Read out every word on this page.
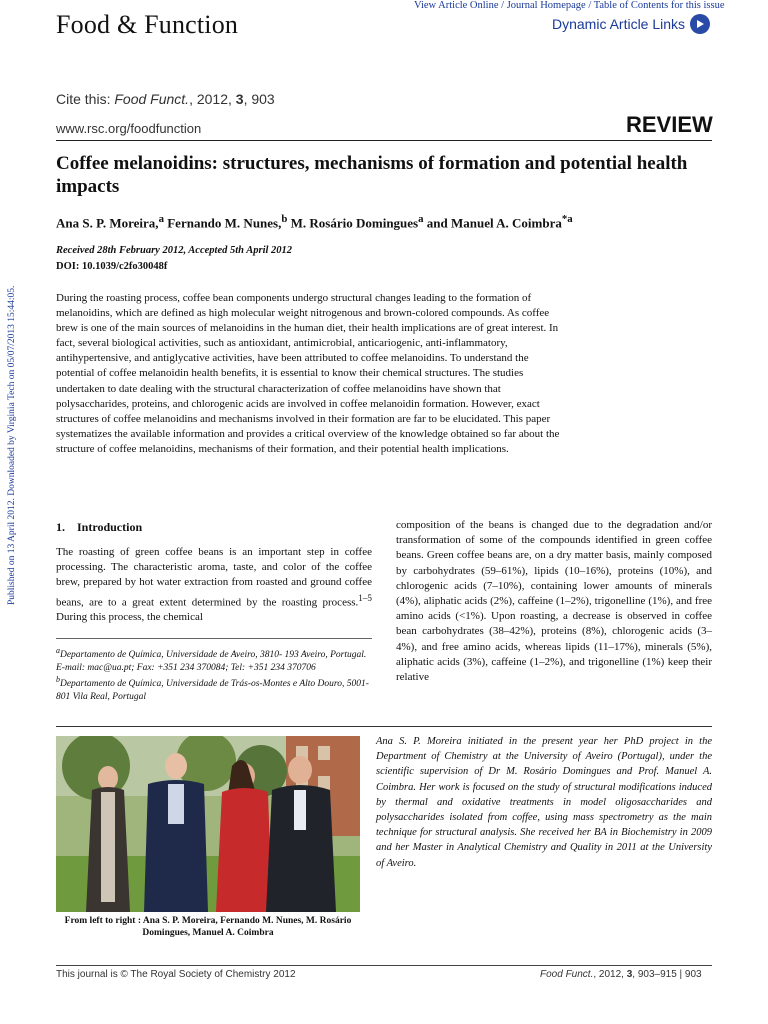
Food & Function
View Article Online / Journal Homepage / Table of Contents for this issue
Dynamic Article Links
Cite this: Food Funct., 2012, 3, 903
www.rsc.org/foodfunction	REVIEW
Coffee melanoidins: structures, mechanisms of formation and potential health impacts
Ana S. P. Moreira,$^a$ Fernando M. Nunes,$^b$ M. Rosário Domingues$^a$ and Manuel A. Coimbra$^{*a}$
Received 28th February 2012, Accepted 5th April 2012
DOI: 10.1039/c2fo30048f
Published on 13 April 2012. Downloaded by Virginia Tech on 05/07/2013 15:44:05.	During the roasting process, coffee bean components undergo structural changes leading to the formation of melanoidins, which are defined as high molecular weight nitrogenous and brown-colored compounds. As coffee brew is one of the main sources of melanoidins in the human diet, their health implications are of great interest. In fact, several biological activities, such as antioxidant, antimicrobial, anticariogenic, anti-inflammatory, antihypertensive, and antiglycative activities, have been attributed to coffee melanoidins. To understand the potential of coffee melanoidin health benefits, it is essential to know their chemical structures. The studies undertaken to date dealing with the structural characterization of coffee melanoidins have shown that polysaccharides, proteins, and chlorogenic acids are involved in coffee melanoidin formation. However, exact structures of coffee melanoidins and mechanisms involved in their formation are far to be elucidated. This paper systematizes the available information and provides a critical overview of the knowledge obtained so far about the structure of coffee melanoidins, mechanisms of their formation, and their potential health implications.
1. Introduction
The roasting of green coffee beans is an important step in coffee processing. The characteristic aroma, taste, and color of the coffee brew, prepared by hot water extraction from roasted and ground coffee beans, are to a great extent determined by the roasting process.$^{1-5}$ During this process, the chemical
composition of the beans is changed due to the degradation and/or transformation of some of the compounds identified in green coffee beans. Green coffee beans are, on a dry matter basis, mainly composed by carbohydrates (59–61%), lipids (10–16%), proteins (10%), and chlorogenic acids (7–10%), containing lower amounts of minerals (4%), aliphatic acids (2%), caffeine (1–2%), trigonelline (1%), and free amino acids (<1%). Upon roasting, a decrease is observed in coffee bean carbohydrates (38–42%), proteins (8%), chlorogenic acids (3–4%), and free amino acids, whereas lipids (11–17%), minerals (5%), aliphatic acids (3%), caffeine (1–2%), and trigonelline (1%) keep their relative
$^a$Departamento de Química, Universidade de Aveiro, 3810- 193 Aveiro, Portugal. E-mail: mac@ua.pt; Fax: +351 234 370084; Tel: +351 234 370706
$^b$Departamento de Química, Universidade de Trás-os-Montes e Alto Douro, 5001- 801 Vila Real, Portugal
From left to right : Ana S. P. Moreira, Fernando M. Nunes, M. Rosário Domingues, Manuel A. Coimbra
Ana S. P. Moreira initiated in the present year her PhD project in the Department of Chemistry at the University of Aveiro (Portugal), under the scientific supervision of Dr M. Rosário Domingues and Prof. Manuel A. Coimbra. Her work is focused on the study of structural modifications induced by thermal and oxidative treatments in model oligosaccharides and polysaccharides isolated from coffee, using mass spectrometry as the main technique for structural analysis. She received her BA in Biochemistry in 2009 and her Master in Analytical Chemistry and Quality in 2011 at the University of Aveiro.
This journal is © The Royal Society of Chemistry 2012	Food Funct., 2012, 3, 903–915 | 903
